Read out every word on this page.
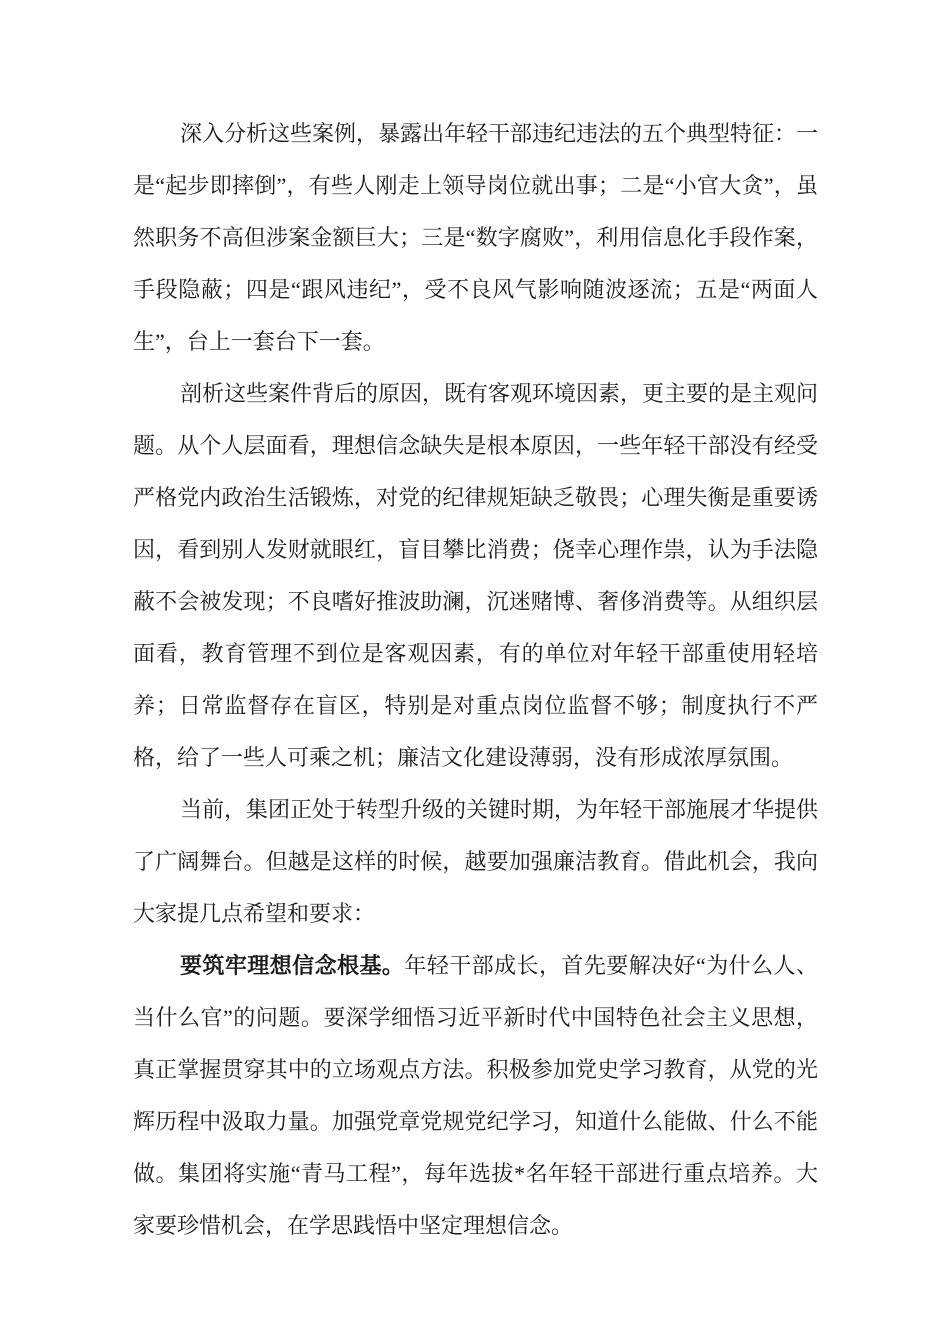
深入分析这些案例，暴露出年轻干部违纪违法的五个典型特征：一是“起步即摔倒”，有些人刚走上领导岗位就出事；二是“小官大贪”，虽然职务不高但涉案金额巨大；三是“数字腐败”，利用信息化手段作案，手段隐蔽；四是“跟风违纪”，受不良风气影响随波逐流；五是“两面人生”，台上一套台下一套。

剖析这些案件背后的原因，既有客观环境因素，更主要的是主观问题。从个人层面看，理想信念缺失是根本原因，一些年轻干部没有经受严格党内政治生活锻炼，对党的纪律规矩缺乏敬畏；心理失衡是重要诱因，看到别人发财就眼红，盲目攀比消费；侥幸心理作祟，认为手法隐蔽不会被发现；不良嗜好推波助澜，沉迷赌博、奢侈消费等。从组织层面看，教育管理不到位是客观因素，有的单位对年轻干部重使用轻培养；日常监督存在盲区，特别是对重点岗位监督不够；制度执行不严格，给了一些人可乘之机；廉洁文化建设薄弱，没有形成浓厚氛围。

当前，集团正处于转型升级的关键时期，为年轻干部施展才华提供了广阔舞台。但越是这样的时候，越要加强廉洁教育。借此机会，我向大家提几点希望和要求：

要筑牢理想信念根基。年轻干部成长，首先要解决好“为什么人、当什么官”的问题。要深学细悟习近平新时代中国特色社会主义思想，真正掌握贯穿其中的立场观点方法。积极参加党史学习教育，从党的光辉历程中汲取力量。加强党章党规党纪学习，知道什么能做、什么不能做。集团将实施“青马工程”，每年选拔*名年轻干部进行重点培养。大家要珍惜机会，在学思践悟中坚定理想信念。
